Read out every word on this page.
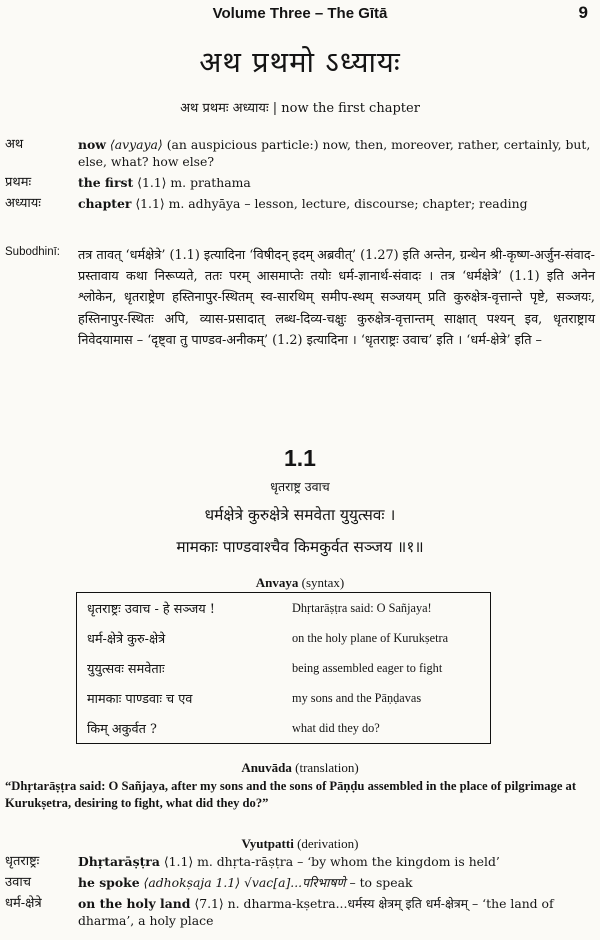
Volume Three – The Gītā	9
अथ प्रथमो ऽध्यायः
अथ प्रथमः अध्यायः | now the first chapter
अथ	now ⟨avyaya⟩ (an auspicious particle:) now, then, moreover, rather, certainly, but, else, what? how else?
प्रथमः	the first ⟨1.1⟩ m. prathama
अध्यायः	chapter ⟨1.1⟩ m. adhyāya – lesson, lecture, discourse; chapter; reading
Subodhinī:	तत्र तावत् ‘धर्मक्षेत्रे’ (1.1) इत्यादिना ‘विषीदन् इदम् अब्रवीत्’ (1.27) इति अन्तेन, ग्रन्थेन श्री-कृष्ण-अर्जुन-संवाद-प्रस्तावाय कथा निरूप्यते, ततः परम् आसमाप्तेः तयोः धर्म-ज्ञानार्थ-संवादः । तत्र ‘धर्मक्षेत्रे’ (1.1) इति अनेन श्लोकेन, धृतराष्ट्रेण हस्तिनापुर-स्थितम् स्व-सारथिम् समीप-स्थम् सञ्जयम् प्रति कुरुक्षेत्र-वृत्तान्ते पृष्टे, सञ्जयः, हस्तिनापुर-स्थितः अपि, व्यास-प्रसादात् लब्ध-दिव्य-चक्षुः कुरुक्षेत्र-वृत्तान्तम् साक्षात् पश्यन् इव, धृतराष्ट्राय निवेदयामास – ‘दृष्ट्वा तु पाण्डव-अनीकम्’ (1.2) इत्यादिना । ‘धृतराष्ट्रः उवाच’ इति । ‘धर्म-क्षेत्रे’ इति –
1.1
धृतराष्ट्र उवाच
धर्मक्षेत्रे कुरुक्षेत्रे समवेता युयुत्सवः ।
मामकाः पाण्डवाश्चैव किमकुर्वत सञ्जय ॥१॥
Anvaya (syntax)
धृतराष्ट्रः उवाच - हे सञ्जय !	Dhṛtarāṣṭra said: O Sañjaya!
धर्म-क्षेत्रे कुरु-क्षेत्रे	on the holy plane of Kurukṣetra
युयुत्सवः समवेताः	being assembled eager to fight
मामकाः पाण्डवाः च एव	my sons and the Pāṇḍavas
किम् अकुर्वत ?	what did they do?
Anuvāda (translation)
“Dhṛtarāṣṭra said: O Sañjaya, after my sons and the sons of Pāṇḍu assembled in the place of pilgrimage at Kurukṣetra, desiring to fight, what did they do?”
Vyutpatti (derivation)
धृतराष्ट्रः	Dhṛtarāṣṭra ⟨1.1⟩ m. dhṛta-rāṣṭra – ‘by whom the kingdom is held’
उवाच	he spoke ⟨adhokṣaja 1.1⟩ √vac[a]...परिभाषणे – to speak
धर्म-क्षेत्रे	on the holy land ⟨7.1⟩ n. dharma-kṣetra...धर्मस्य क्षेत्रम् इति धर्म-क्षेत्रम् – ‘the land of dharma’, a holy place
